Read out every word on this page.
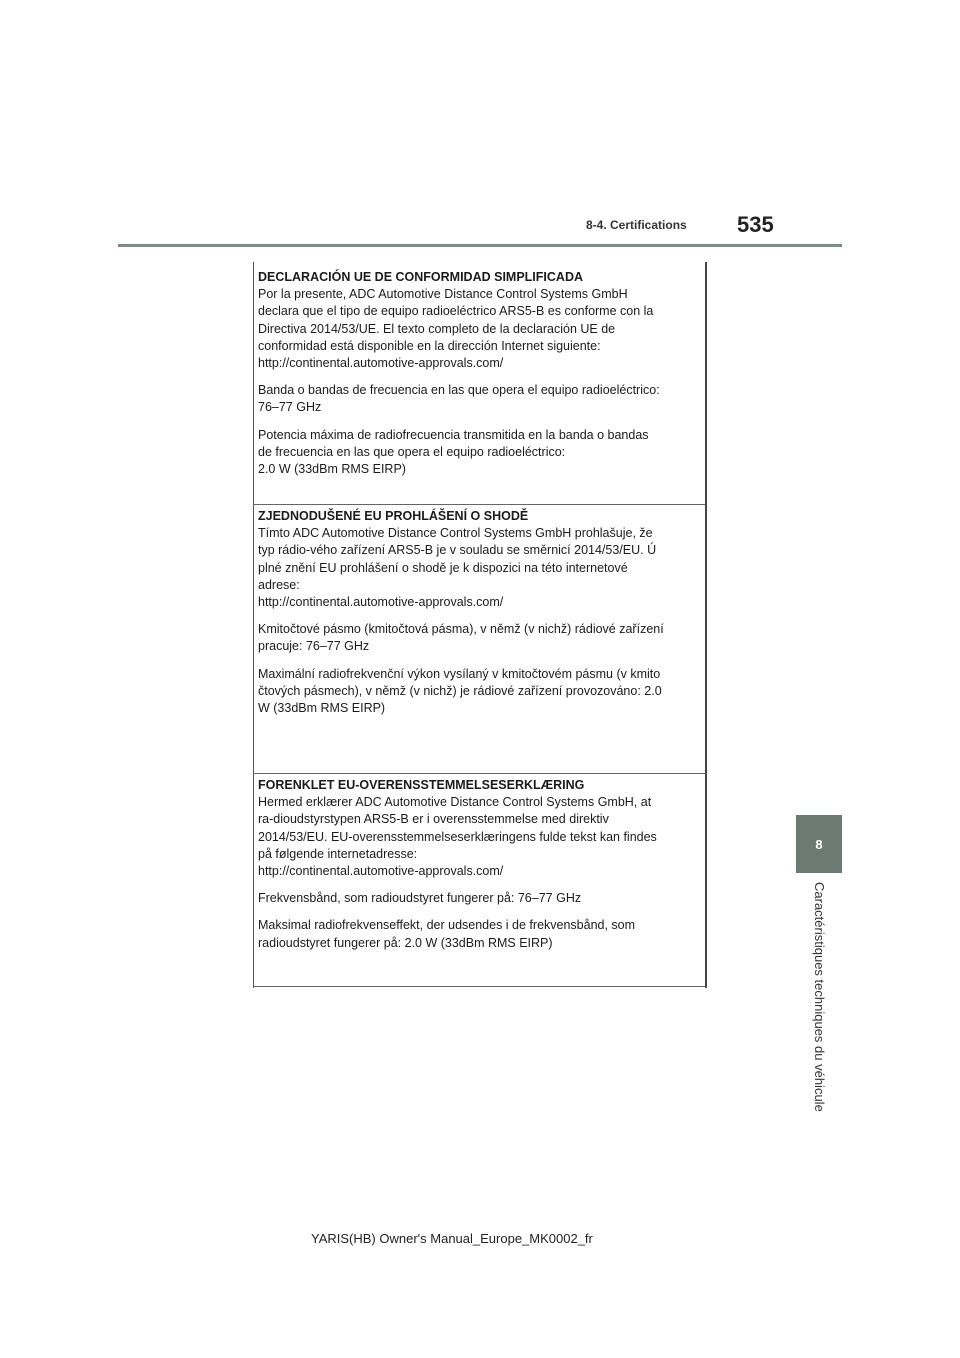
8-4. Certifications 535
8
Caractéristiques techniques du véhicule
DECLARACIÓN UE DE CONFORMIDAD SIMPLIFICADA

Por la presente, ADC Automotive Distance Control Systems GmbH

declara que el tipo de equipo radioeléctrico ARS5-B es conforme con la

Directiva 2014/53/UE. El texto completo de la declaración UE de

conformidad está disponible en la dirección Internet siguiente:

http://continental.automotive-approvals.com/

Banda o bandas de frecuencia en las que opera el equipo radioeléctrico:

76–77 GHz

Potencia máxima de radiofrecuencia transmitida en la banda o bandas

de frecuencia en las que opera el equipo radioeléctrico:

2.0 W (33dBm RMS EIRP)

ZJEDNODUŠENÉ EU PROHLÁŠENÍ O SHODĚ

Tímto ADC Automotive Distance Control Systems GmbH prohlašuje, že

typ rádio-vého zařízení ARS5-B je v souladu se směrnicí 2014/53/EU. Ú

plné znění EU prohlášení o shodě je k dispozici na této internetové

adrese:

http://continental.automotive-approvals.com/

Kmitočtové pásmo (kmitočtová pásma), v němž (v nichž) rádiové zařízení

pracuje: 76–77 GHz

Maximální radiofrekvenční výkon vysílaný v kmitočtovém pásmu (v kmito

čtových pásmech), v němž (v nichž) je rádiové zařízení provozováno: 2.0

W (33dBm RMS EIRP)

FORENKLET EU-OVERENSSTEMMELSESERKLÆRING

Hermed erklærer ADC Automotive Distance Control Systems GmbH, at

ra-dioudstyrstypen ARS5-B er i overensstemmelse med direktiv

2014/53/EU. EU-overensstemmelseserklæringens fulde tekst kan findes

på følgende internetadresse:

http://continental.automotive-approvals.com/

Frekvensbånd, som radioudstyret fungerer på: 76–77 GHz

Maksimal radiofrekvenseffekt, der udsendes i de frekvensbånd, som

radioudstyret fungerer på: 2.0 W (33dBm RMS EIRP)

YARIS(HB) Owner's Manual_Europe_MK0002_fr
